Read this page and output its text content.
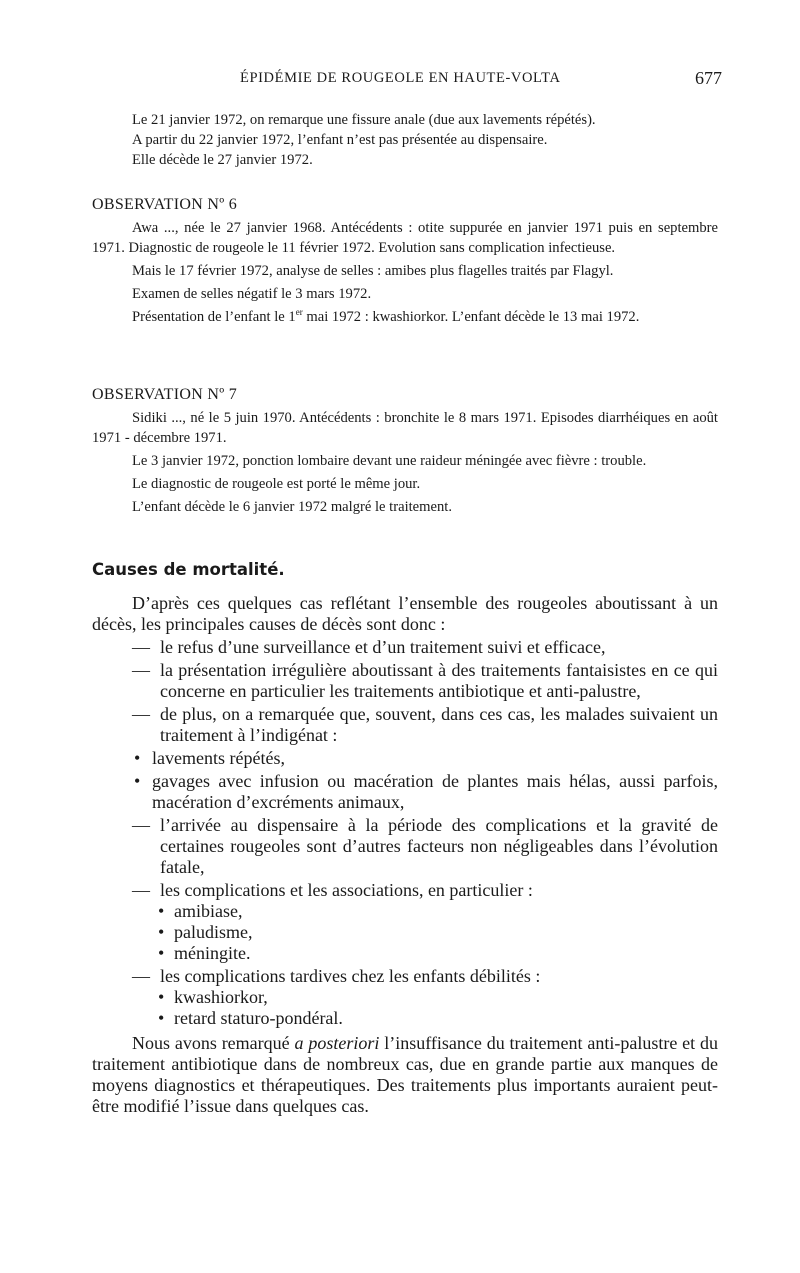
ÉPIDÉMIE DE ROUGEOLE EN HAUTE-VOLTA	677

Le 21 janvier 1972, on remarque une fissure anale (due aux lavements répétés).

A partir du 22 janvier 1972, l’enfant n’est pas présentée au dispensaire.

Elle décède le 27 janvier 1972.

OBSERVATION Nº 6

Awa ..., née le 27 janvier 1968. Antécédents : otite suppurée en janvier 1971 puis en septembre 1971. Diagnostic de rougeole le 11 février 1972. Evolution sans complication infectieuse.

Mais le 17 février 1972, analyse de selles : amibes plus flagelles traités par Flagyl.

Examen de selles négatif le 3 mars 1972.

Présentation de l’enfant le 1er mai 1972 : kwashiorkor. L’enfant décède le 13 mai 1972.

OBSERVATION Nº 7

Sidiki ..., né le 5 juin 1970. Antécédents : bronchite le 8 mars 1971. Episodes diarrhéiques en août 1971 - décembre 1971.

Le 3 janvier 1972, ponction lombaire devant une raideur méningée avec fièvre : trouble.

Le diagnostic de rougeole est porté le même jour.

L’enfant décède le 6 janvier 1972 malgré le traitement.

Causes de mortalité.

D’après ces quelques cas reflétant l’ensemble des rougeoles aboutissant à un décès, les principales causes de décès sont donc :

— le refus d’une surveillance et d’un traitement suivi et efficace,

— la présentation irrégulière aboutissant à des traitements fantaisistes en ce qui concerne en particulier les traitements antibiotique et anti-palustre,

— de plus, on a remarquée que, souvent, dans ces cas, les malades suivaient un traitement à l’indigénat :

• lavements répétés,

• gavages avec infusion ou macération de plantes mais hélas, aussi parfois, macération d’excréments animaux,

— l’arrivée au dispensaire à la période des complications et la gravité de certaines rougeoles sont d’autres facteurs non négligeables dans l’évolution fatale,

— les complications et les associations, en particulier :

• amibiase,

• paludisme,

• méningite.

— les complications tardives chez les enfants débilités :

• kwashiorkor,

• retard staturo-pondéral.

Nous avons remarqué a posteriori l’insuffisance du traitement anti-palustre et du traitement antibiotique dans de nombreux cas, due en grande partie aux manques de moyens diagnostics et thérapeutiques. Des traitements plus importants auraient peut-être modifié l’issue dans quelques cas.
